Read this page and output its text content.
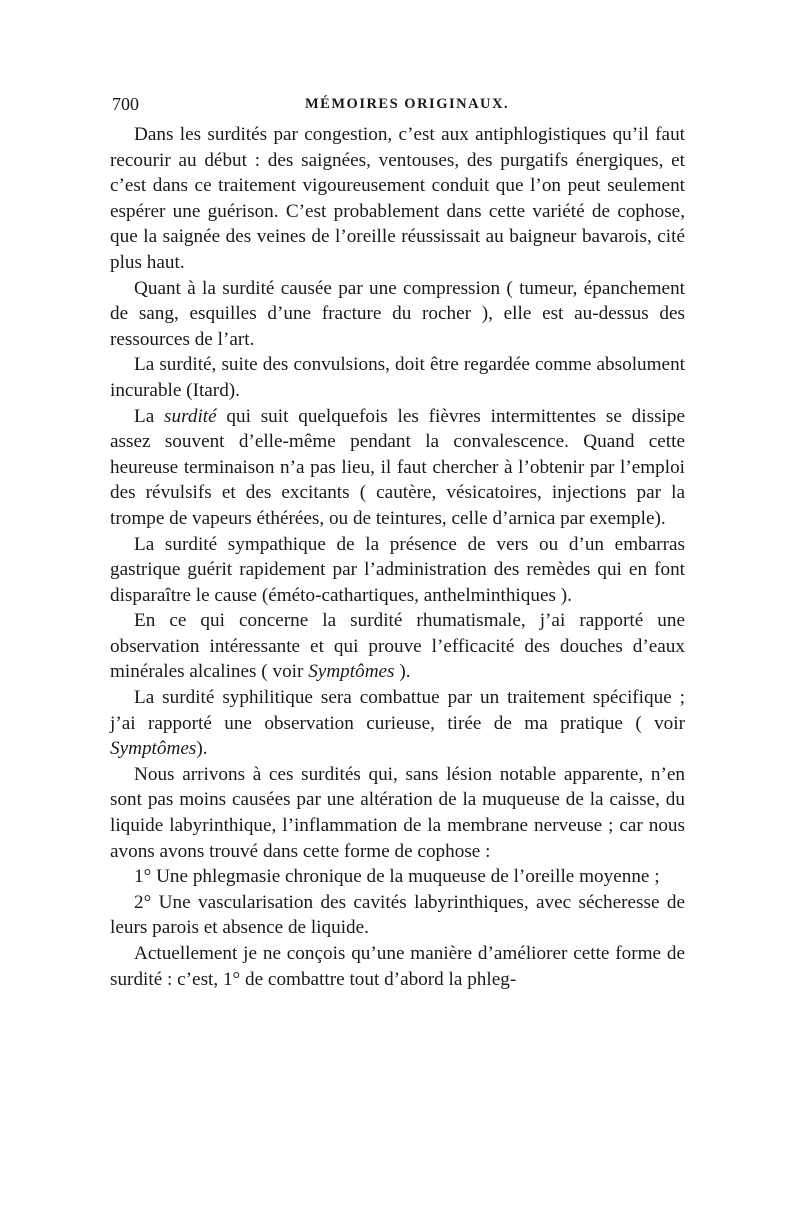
700	MÉMOIRES ORIGINAUX.

Dans les surdités par congestion, c’est aux antiphlogistiques qu’il faut recourir au début : des saignées, ventouses, des purgatifs énergiques, et c’est dans ce traitement vigoureusement conduit que l’on peut seulement espérer une guérison. C’est probablement dans cette variété de cophose, que la saignée des veines de l’oreille réussissait au baigneur bavarois, cité plus haut.

Quant à la surdité causée par une compression ( tumeur, épanchement de sang, esquilles d’une fracture du rocher ), elle est au-dessus des ressources de l’art.

La surdité, suite des convulsions, doit être regardée comme absolument incurable (Itard).

La surdité qui suit quelquefois les fièvres intermittentes se dissipe assez souvent d’elle-même pendant la convalescence. Quand cette heureuse terminaison n’a pas lieu, il faut chercher à l’obtenir par l’emploi des révulsifs et des excitants ( cautère, vésicatoires, injections par la trompe de vapeurs éthérées, ou de teintures, celle d’arnica par exemple).

La surdité sympathique de la présence de vers ou d’un embarras gastrique guérit rapidement par l’administration des remèdes qui en font disparaître le cause (éméto-cathartiques, anthelminthiques ).

En ce qui concerne la surdité rhumatismale, j’ai rapporté une observation intéressante et qui prouve l’efficacité des douches d’eaux minérales alcalines ( voir Symptômes ).

La surdité syphilitique sera combattue par un traitement spécifique ; j’ai rapporté une observation curieuse, tirée de ma pratique ( voir Symptômes).

Nous arrivons à ces surdités qui, sans lésion notable apparente, n’en sont pas moins causées par une altération de la muqueuse de la caisse, du liquide labyrinthique, l’inflammation de la membrane nerveuse ; car nous avons avons trouvé dans cette forme de cophose :

1° Une phlegmasie chronique de la muqueuse de l’oreille moyenne ;

2° Une vascularisation des cavités labyrinthiques, avec sécheresse de leurs parois et absence de liquide.

Actuellement je ne conçois qu’une manière d’améliorer cette forme de surdité : c’est, 1° de combattre tout d’abord la phleg-
